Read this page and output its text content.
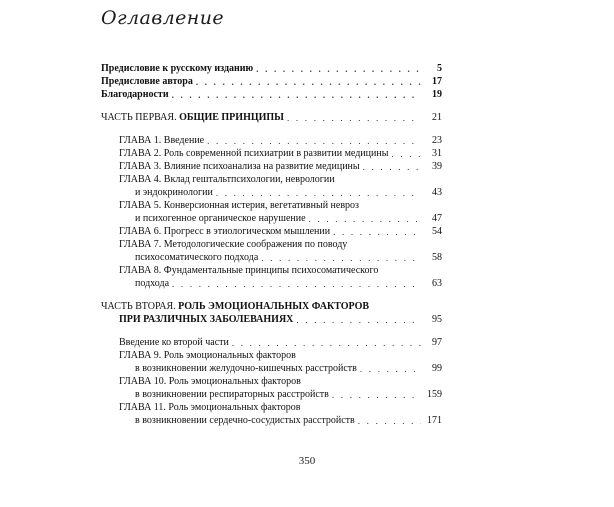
Оглавление
Предисловие к русскому изданию . . .	5
Предисловие автора . . .	17
Благодарности . . .	19
ЧАСТЬ ПЕРВАЯ. ОБЩИЕ ПРИНЦИПЫ . . .	21
ГЛАВА 1. Введение . . .	23
ГЛАВА 2. Роль современной психиатрии в развитии медицины . . .	31
ГЛАВА 3. Влияние психоанализа на развитие медицины . . .	39
ГЛАВА 4. Вклад гештальтпсихологии, неврологии
и эндокринологии . . .	43
ГЛАВА 5. Конверсионная истерия, вегетативный невроз
и психогенное органическое нарушение . . .	47
ГЛАВА 6. Прогресс в этиологическом мышлении . . .	54
ГЛАВА 7. Методологические соображения по поводу
психосоматического подхода . . .	58
ГЛАВА 8. Фундаментальные принципы психосоматического
подхода . . .	63
ЧАСТЬ ВТОРАЯ. РОЛЬ ЭМОЦИОНАЛЬНЫХ ФАКТОРОВ
ПРИ РАЗЛИЧНЫХ ЗАБОЛЕВАНИЯХ . . .	95
Введение ко второй части . . .	97
ГЛАВА 9. Роль эмоциональных факторов
в возникновении желудочно-кишечных расстройств . . .	99
ГЛАВА 10. Роль эмоциональных факторов
в возникновении респираторных расстройств . . .	159
ГЛАВА 11. Роль эмоциональных факторов
в возникновении сердечно-сосудистых расстройств . . .	171
350
